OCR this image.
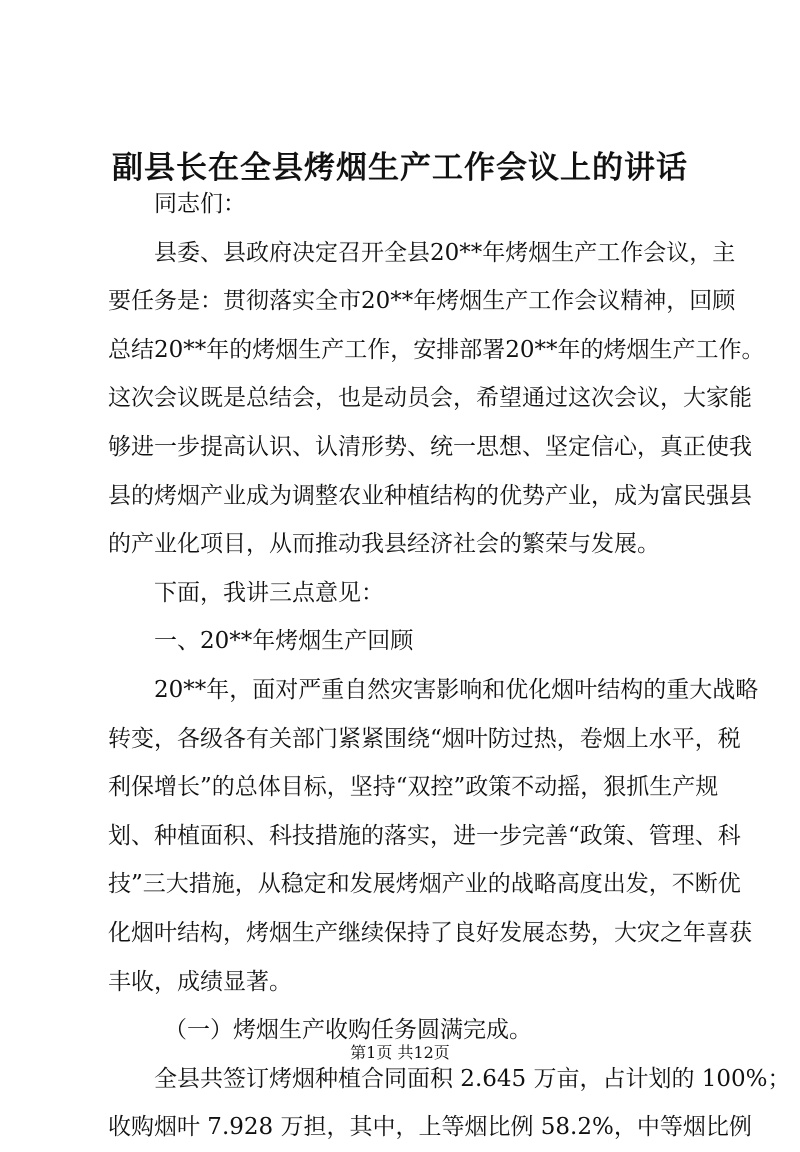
副县长在全县烤烟生产工作会议上的讲话
同志们：
县委、县政府决定召开全县20**年烤烟生产工作会议，主
要任务是：贯彻落实全市20**年烤烟生产工作会议精神，回顾
总结20**年的烤烟生产工作，安排部署20**年的烤烟生产工作。
这次会议既是总结会，也是动员会，希望通过这次会议，大家能
够进一步提高认识、认清形势、统一思想、坚定信心，真正使我
县的烤烟产业成为调整农业种植结构的优势产业，成为富民强县
的产业化项目，从而推动我县经济社会的繁荣与发展。
下面，我讲三点意见：
一、20**年烤烟生产回顾
20**年，面对严重自然灾害影响和优化烟叶结构的重大战略
转变，各级各有关部门紧紧围绕“烟叶防过热，卷烟上水平，税
利保增长”的总体目标，坚持“双控”政策不动摇，狠抓生产规
划、种植面积、科技措施的落实，进一步完善“政策、管理、科
技”三大措施，从稳定和发展烤烟产业的战略高度出发，不断优
化烟叶结构，烤烟生产继续保持了良好发展态势，大灾之年喜获
丰收，成绩显著。
（一）烤烟生产收购任务圆满完成。
全县共签订烤烟种植合同面积 2.645 万亩，占计划的 100%；
收购烟叶 7.928 万担，其中，上等烟比例 58.2%，中等烟比例
第1页 共12页
